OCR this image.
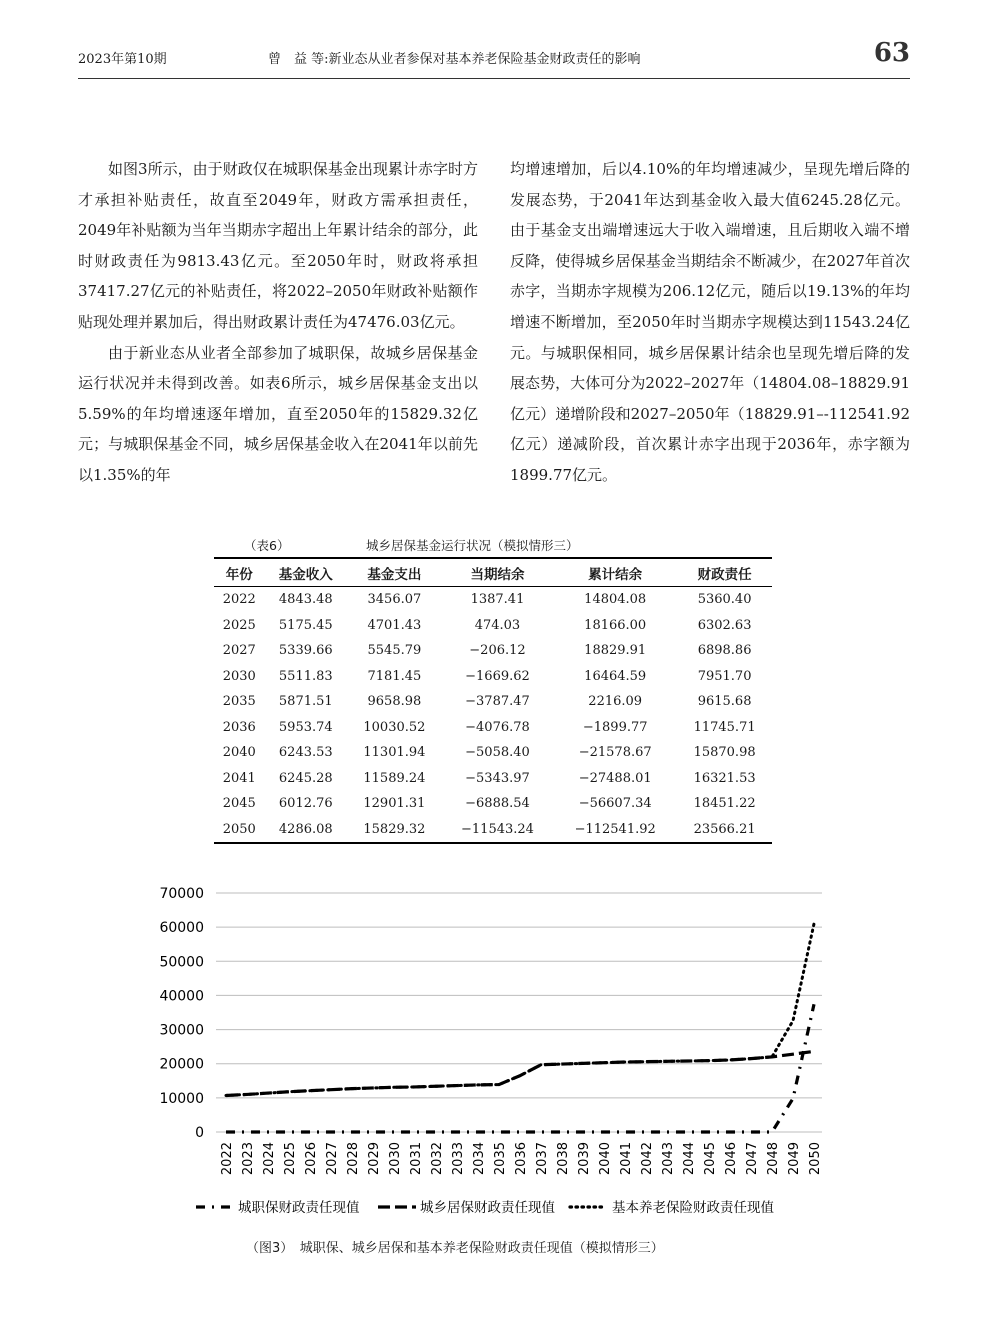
2023年第10期	曾　益 等:新业态从业者参保对基本养老保险基金财政责任的影响	63

如图3所示，由于财政仅在城职保基金出现累计赤字时方才承担补贴责任，故直至2049年，财政方需承担责任，2049年补贴额为当年当期赤字超出上年累计结余的部分，此时财政责任为9813.43亿元。至2050年时，财政将承担37417.27亿元的补贴责任，将2022–2050年财政补贴额作贴现处理并累加后，得出财政累计责任为47476.03亿元。

由于新业态从业者全部参加了城职保，故城乡居保基金运行状况并未得到改善。如表6所示，城乡居保基金支出以5.59%的年均增速逐年增加，直至2050年的15829.32亿元；与城职保基金不同，城乡居保基金收入在2041年以前先以1.35%的年

均增速增加，后以4.10%的年均增速减少，呈现先增后降的发展态势，于2041年达到基金收入最大值6245.28亿元。由于基金支出端增速远大于收入端增速，且后期收入端不增反降，使得城乡居保基金当期结余不断减少，在2027年首次赤字，当期赤字规模为206.12亿元，随后以19.13%的年均增速不断增加，至2050年时当期赤字规模达到11543.24亿元。与城职保相同，城乡居保累计结余也呈现先增后降的发展态势，大体可分为2022–2027年（14804.08–18829.91亿元）递增阶段和2027–2050年（18829.91–-112541.92亿元）递减阶段，首次累计赤字出现于2036年，赤字额为1899.77亿元。

（表6）	城乡居保基金运行状况（模拟情形三）
年份	基金收入	基金支出	当期结余	累计结余	财政责任
2022	4843.48	3456.07	1387.41	14804.08	5360.40
2025	5175.45	4701.43	474.03	18166.00	6302.63
2027	5339.66	5545.79	−206.12	18829.91	6898.86
2030	5511.83	7181.45	−1669.62	16464.59	7951.70
2035	5871.51	9658.98	−3787.47	2216.09	9615.68
2036	5953.74	10030.52	−4076.78	−1899.77	11745.71
2040	6243.53	11301.94	−5058.40	−21578.67	15870.98
2041	6245.28	11589.24	−5343.97	−27488.01	16321.53
2045	6012.76	12901.31	−6888.54	−56607.34	18451.22
2050	4286.08	15829.32	−11543.24	−112541.92	23566.21
0
10000
20000
30000
40000
50000
60000
70000
2022 2023 2024 2025 2026 2027 2028 2029 2030 2031 2032 2033 2034 2035 2036 2037 2038 2039 2040 2041 2042 2043 2044 2045 2046 2047 2048 2049 2050
城职保财政责任现值	城乡居保财政责任现值	基本养老保险财政责任现值
（图3）　城职保、城乡居保和基本养老保险财政责任现值（模拟情形三）
